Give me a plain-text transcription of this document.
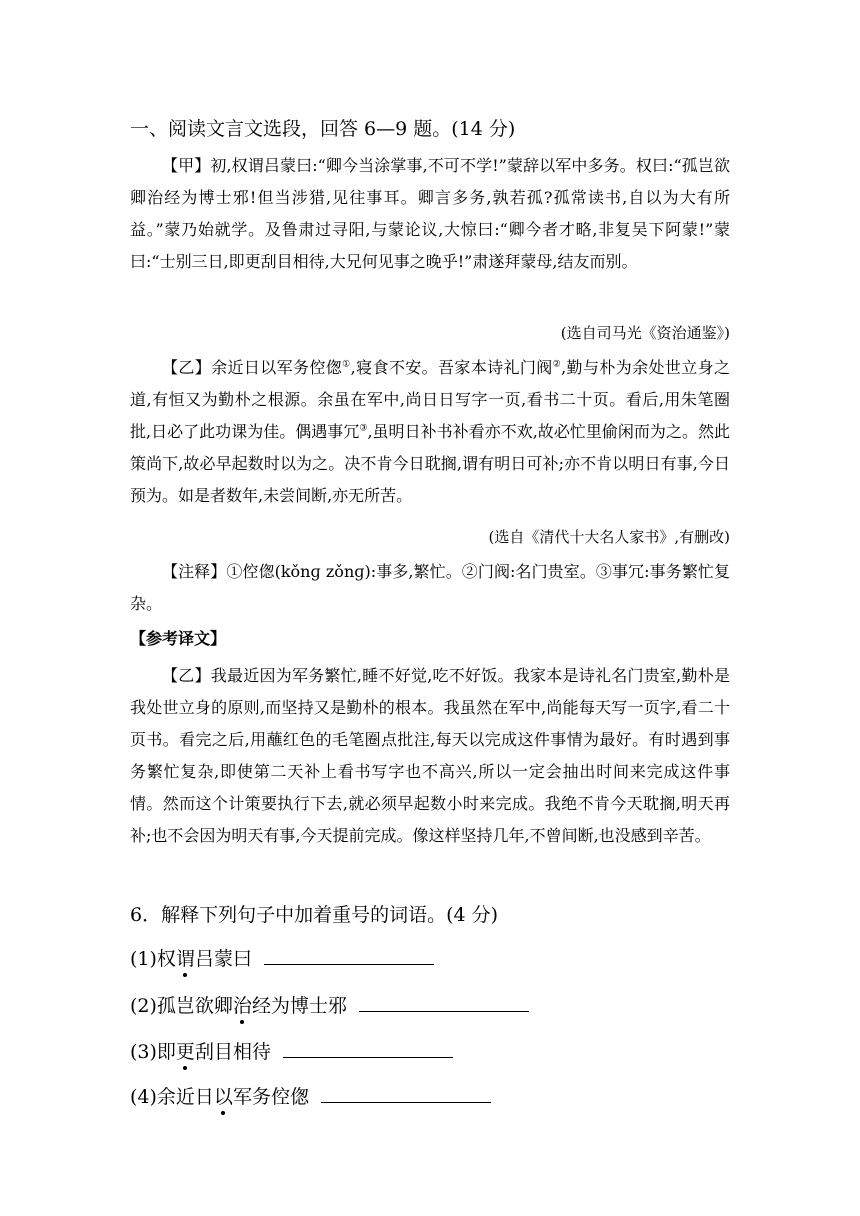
一、阅读文言文选段，回答 6—9 题。(14 分)

【甲】初,权谓吕蒙曰:“卿今当涂掌事,不可不学!”蒙辞以军中多务。权曰:“孤岂欲卿治经为博士邪!但当涉猎,见往事耳。卿言多务,孰若孤?孤常读书,自以为大有所益。”蒙乃始就学。及鲁肃过寻阳,与蒙论议,大惊曰:“卿今者才略,非复吴下阿蒙!”蒙曰:“士别三日,即更刮目相待,大兄何见事之晚乎!”肃遂拜蒙母,结友而别。

(选自司马光《资治通鉴》)

【乙】余近日以军务倥偬①,寝食不安。吾家本诗礼门阀②,勤与朴为余处世立身之道,有恒又为勤朴之根源。余虽在军中,尚日日写字一页,看书二十页。看后,用朱笔圈批,日必了此功课为佳。偶遇事冗③,虽明日补书补看亦不欢,故必忙里偷闲而为之。然此策尚下,故必早起数时以为之。决不肯今日耽搁,谓有明日可补;亦不肯以明日有事,今日预为。如是者数年,未尝间断,亦无所苦。

(选自《清代十大名人家书》,有删改)

【注释】①倥偬(kǒnɡ zǒnɡ):事多,繁忙。②门阀:名门贵室。③事冗:事务繁忙复杂。

【参考译文】

【乙】我最近因为军务繁忙,睡不好觉,吃不好饭。我家本是诗礼名门贵室,勤朴是我处世立身的原则,而坚持又是勤朴的根本。我虽然在军中,尚能每天写一页字,看二十页书。看完之后,用蘸红色的毛笔圈点批注,每天以完成这件事情为最好。有时遇到事务繁忙复杂,即使第二天补上看书写字也不高兴,所以一定会抽出时间来完成这件事情。然而这个计策要执行下去,就必须早起数小时来完成。我绝不肯今天耽搁,明天再补;也不会因为明天有事,今天提前完成。像这样坚持几年,不曾间断,也没感到辛苦。

6．解释下列句子中加着重号的词语。(4 分)
(1)权谓吕蒙曰
(2)孤岂欲卿治经为博士邪
(3)即更刮目相待
(4)余近日以军务倥偬
